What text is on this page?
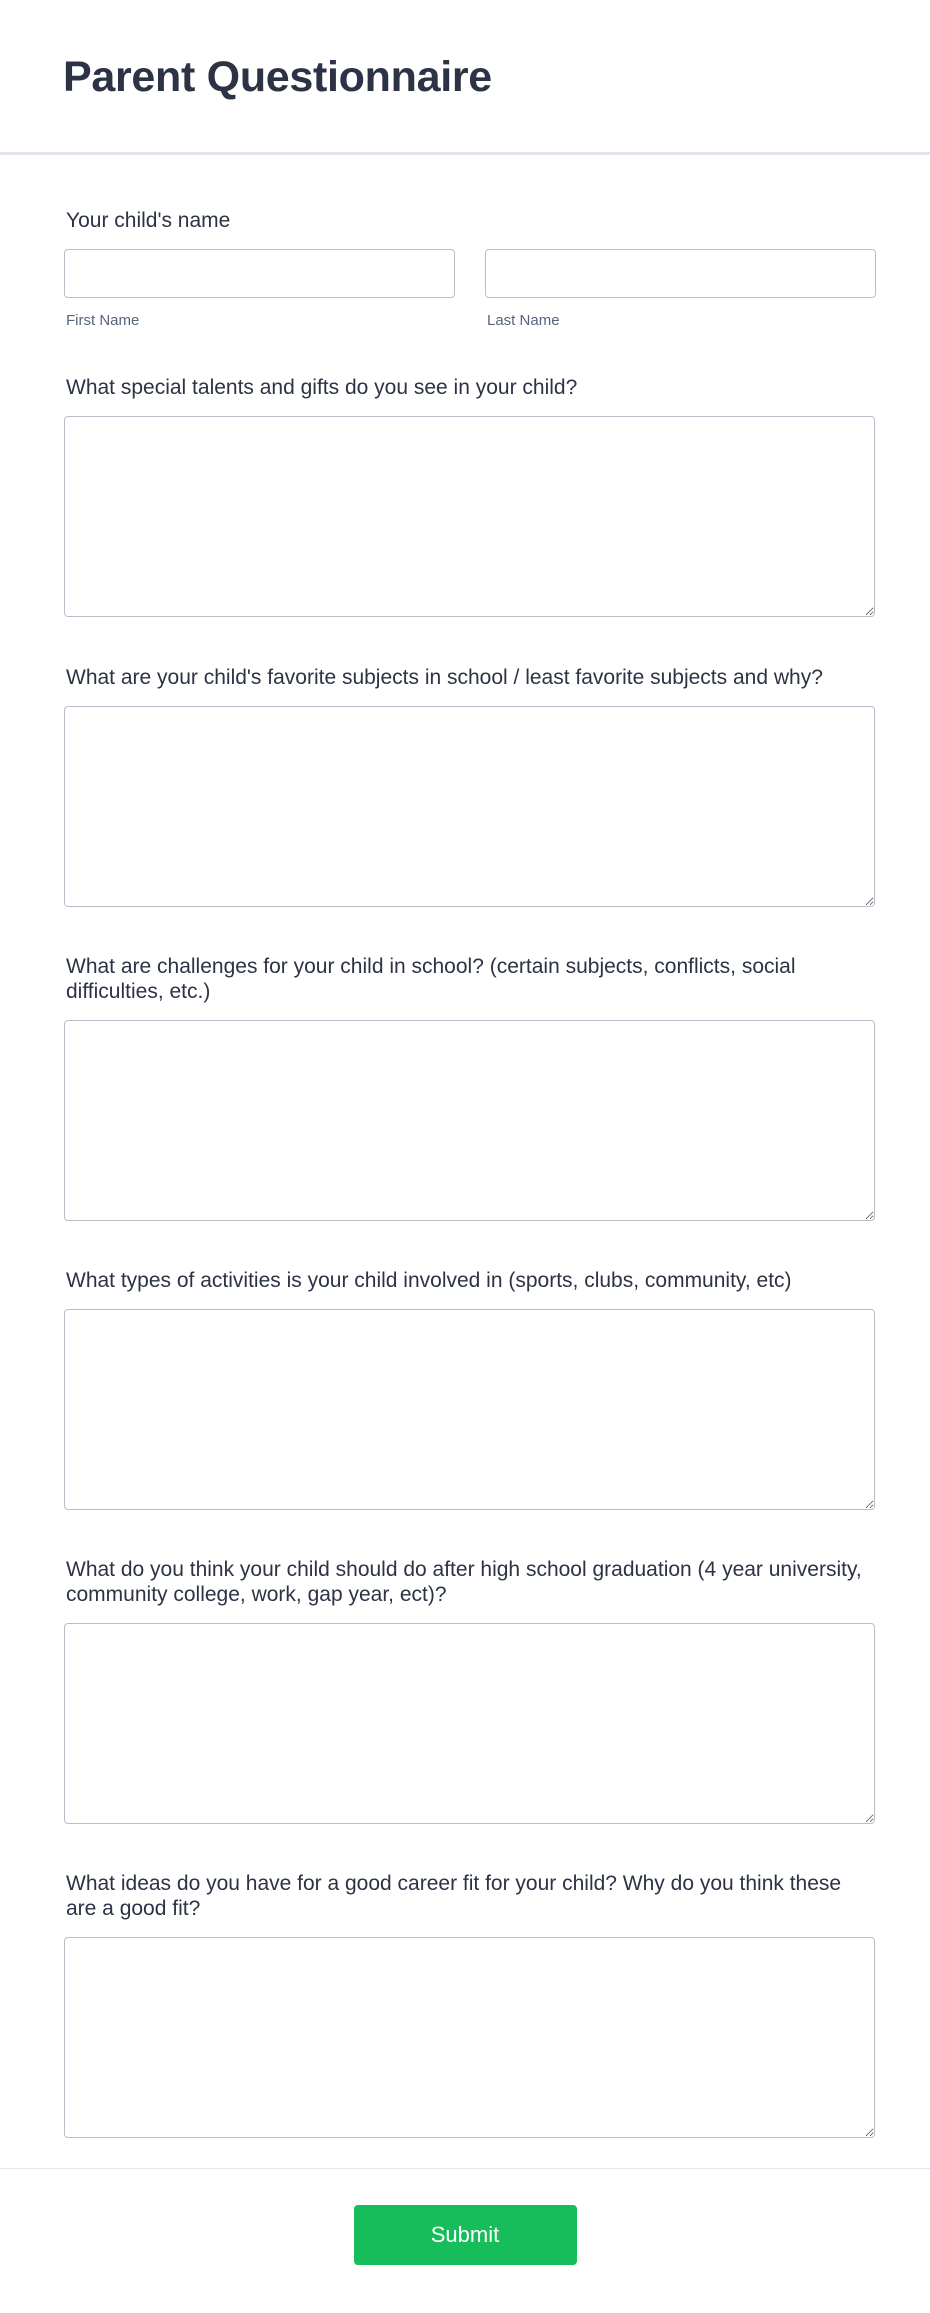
Parent Questionnaire
Your child's name
First Name	Last Name
What special talents and gifts do you see in your child?
What are your child's favorite subjects in school / least favorite subjects and why?
What are challenges for your child in school? (certain subjects, conflicts, social difficulties, etc.)
What types of activities is your child involved in (sports, clubs, community, etc)
What do you think your child should do after high school graduation (4 year university, community college, work, gap year, ect)?
What ideas do you have for a good career fit for your child? Why do you think these are a good fit?
Submit
